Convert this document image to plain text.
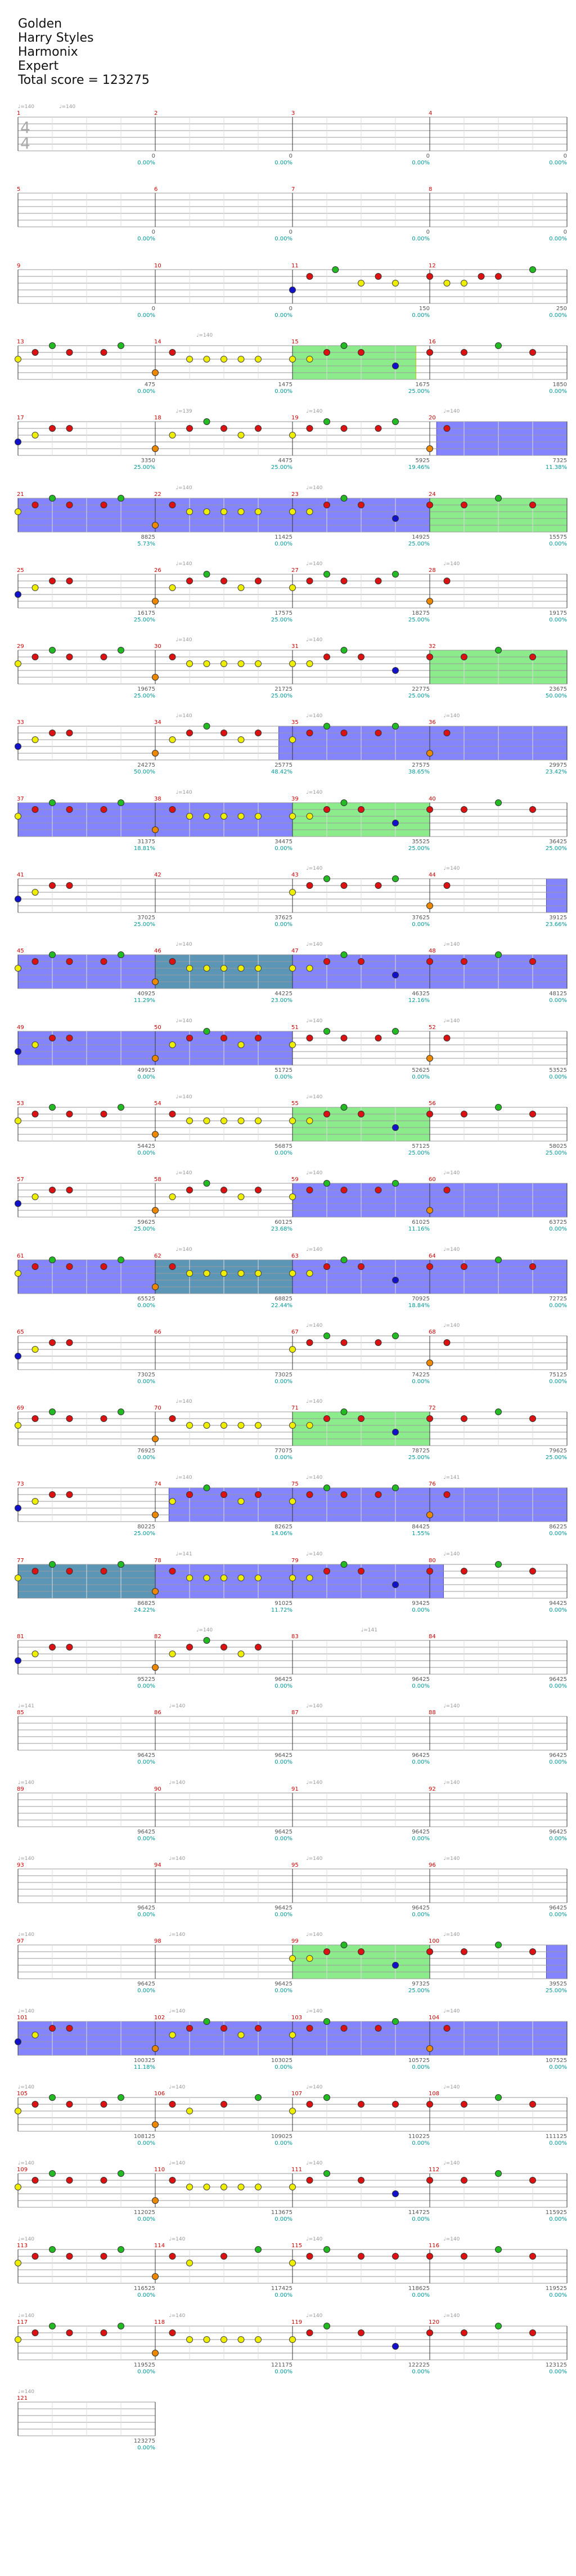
Golden
Harry Styles
Harmonix
Expert
Total score = 123275
4
4
1
0
0.00%
2
0
0.00%
3
0
0.00%
4
0
0.00%
♩=140	♩=140
5
0
0.00%
6
0
0.00%
7
0
0.00%
8
0
0.00%
9
0
0.00%
10
0
0.00%
11
150
0.00%
12
250
0.00%
13
475
0.00%
14
1475
0.00%
15
1675
25.00%
16
1850
0.00%
♩=140
17
3350
25.00%
18
4475
25.00%
19
5925
19.46%
20
7325
11.38%
♩=139	♩=140	♩=140
21
8825
5.73%
22
11425
0.00%
23
14925
25.00%
24
15575
0.00%
♩=140	♩=140
25
16175
25.00%
26
17575
25.00%
27
18275
25.00%
28
19175
0.00%
♩=140	♩=140	♩=140
29
19675
25.00%
30
21725
25.00%
31
22775
25.00%
32
23675
50.00%
♩=140	♩=140
33
24275
50.00%
34
25775
48.42%
35
27575
38.65%
36
29975
23.42%
♩=140	♩=140	♩=140
37
31375
18.81%
38
34475
0.00%
39
35525
25.00%
40
36425
25.00%
♩=140	♩=140
41
37025
25.00%
42
37625
0.00%
43
37625
0.00%
44
39125
23.66%
♩=140	♩=140
45
40925
11.29%
46
44225
23.00%
47
46325
12.16%
48
48125
0.00%
♩=140	♩=140	♩=140
49
49925
0.00%
50
51725
0.00%
51
52625
0.00%
52
53525
0.00%
♩=140	♩=140	♩=140
53
54425
0.00%
54
56875
0.00%
55
57125
25.00%
56
58025
25.00%
♩=140	♩=140
57
59625
25.00%
58
60125
23.68%
59
61025
11.16%
60
63725
0.00%
♩=140	♩=140	♩=140
61
65525
0.00%
62
68825
22.44%
63
70925
18.84%
64
72725
0.00%
♩=140	♩=140	♩=140
65
73025
0.00%
66
73025
0.00%
67
74225
0.00%
68
75125
0.00%
♩=140	♩=140
69
76925
0.00%
70
77075
0.00%
71
78725
25.00%
72
79625
25.00%
♩=140	♩=140
73
80225
25.00%
74
82625
14.06%
75
84425
1.55%
76
86225
0.00%
♩=140	♩=140	♩=141
77
86825
24.22%
78
91025
11.72%
79
93425
0.00%
80
94425
0.00%
♩=141	♩=140	♩=140
81
95225
0.00%
82
96425
0.00%
83
96425
0.00%
84
96425
0.00%
♩=140	♩=141
85
96425
0.00%
86
96425
0.00%
87
96425
0.00%
88
96425
0.00%
♩=141	♩=140	♩=140	♩=140
89
96425
0.00%
90
96425
0.00%
91
96425
0.00%
92
96425
0.00%
♩=140	♩=140	♩=140	♩=140
93
96425
0.00%
94
96425
0.00%
95
96425
0.00%
96
96425
0.00%
♩=140	♩=140	♩=140	♩=140
97
96425
0.00%
98
96425
0.00%
99
97325
25.00%
100
39525
25.00%
♩=140	♩=140	♩=140	♩=140
101
100325
11.18%
102
103025
0.00%
103
105725
0.00%
104
107525
0.00%
♩=140	♩=140	♩=140	♩=140
105
108125
0.00%
106
109025
0.00%
107
110225
0.00%
108
111125
0.00%
♩=140	♩=140	♩=140	♩=140
109
112025
0.00%
110
113675
0.00%
111
114725
0.00%
112
115925
0.00%
♩=140	♩=140	♩=140	♩=140
113
116525
0.00%
114
117425
0.00%
115
118625
0.00%
116
119525
0.00%
♩=140	♩=140	♩=140	♩=140
117
119525
0.00%
118
121175
0.00%
119
122225
0.00%
120
123125
0.00%
♩=140	♩=140	♩=140	♩=140
121
123275
0.00%
♩=140
